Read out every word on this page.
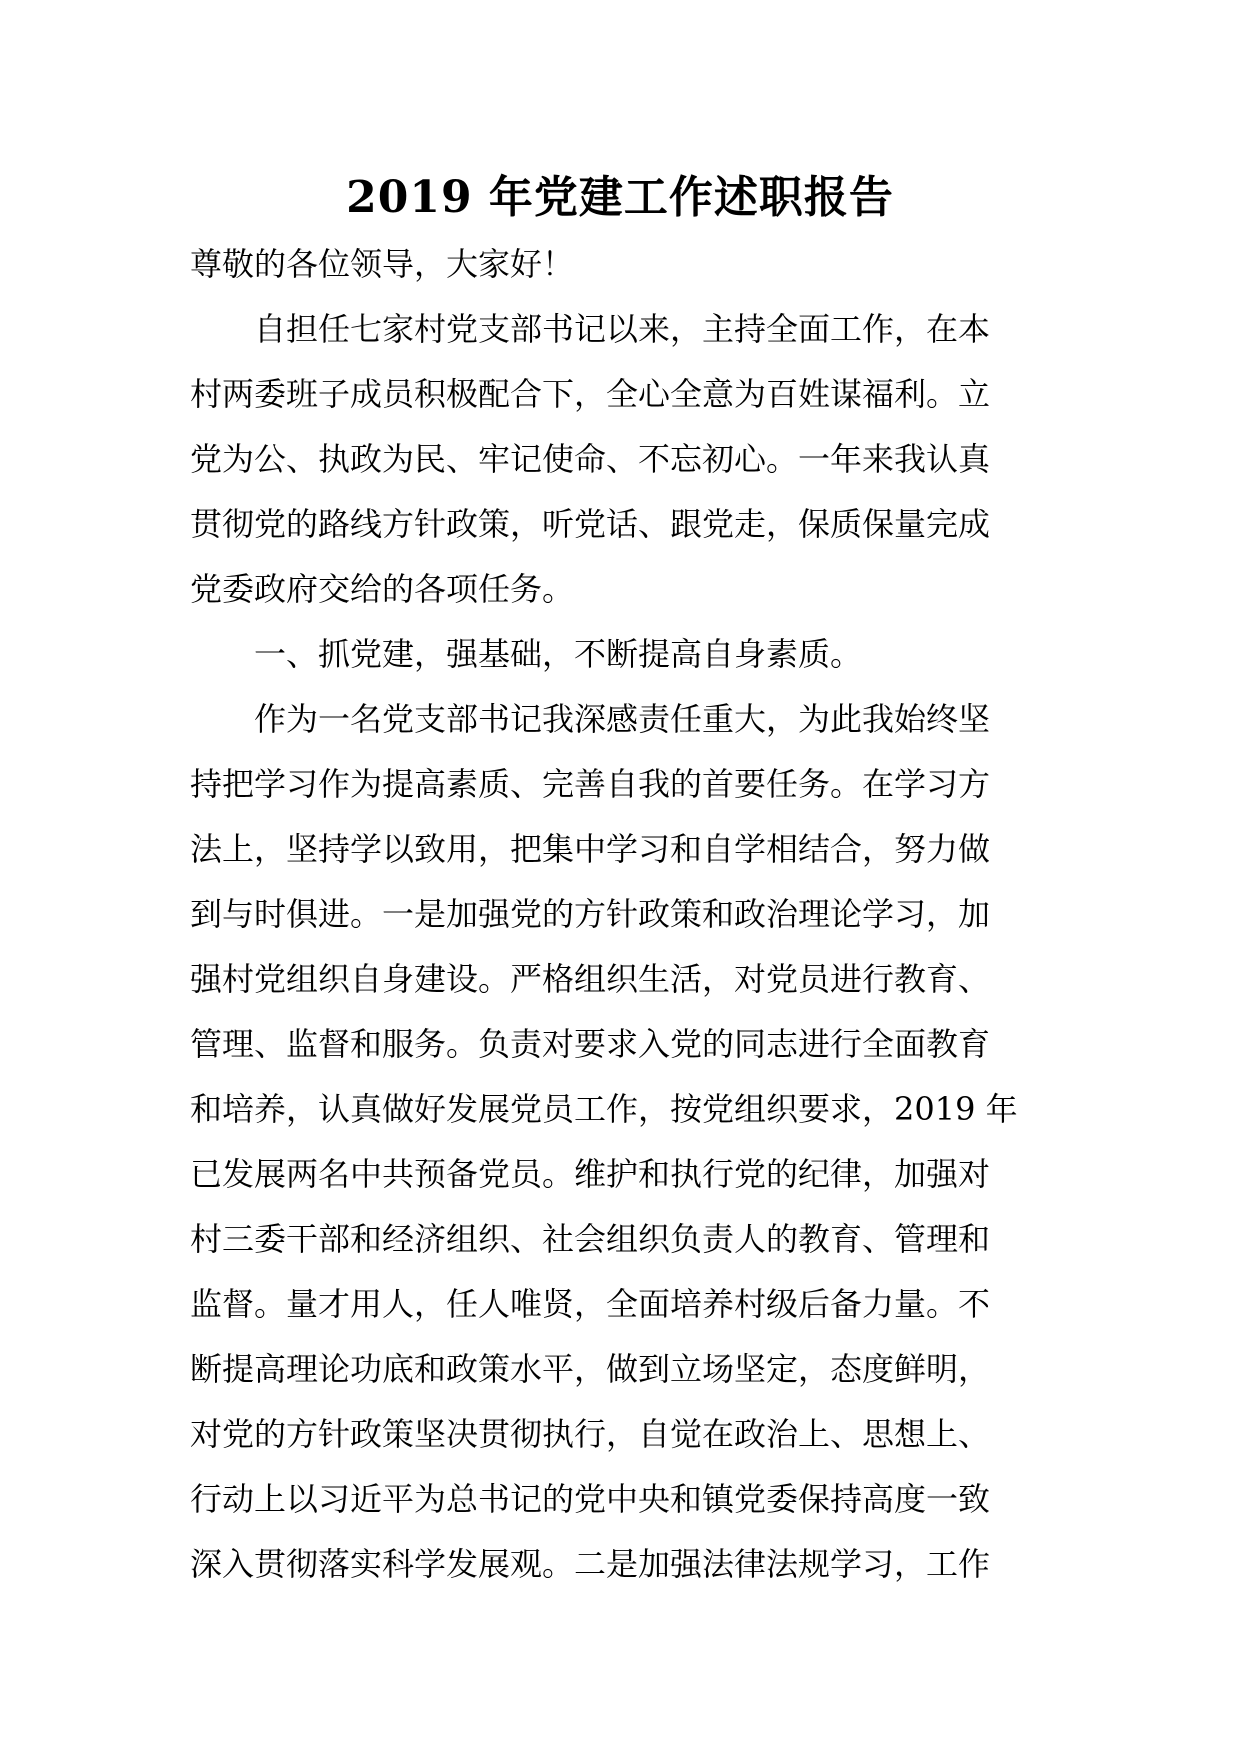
2019 年党建工作述职报告
尊敬的各位领导，大家好！
自担任七家村党支部书记以来，主持全面工作，在本
村两委班子成员积极配合下，全心全意为百姓谋福利。立
党为公、执政为民、牢记使命、不忘初心。一年来我认真
贯彻党的路线方针政策，听党话、跟党走，保质保量完成
党委政府交给的各项任务。
一、抓党建，强基础，不断提高自身素质。
作为一名党支部书记我深感责任重大，为此我始终坚
持把学习作为提高素质、完善自我的首要任务。在学习方
法上，坚持学以致用，把集中学习和自学相结合，努力做
到与时俱进。一是加强党的方针政策和政治理论学习，加
强村党组织自身建设。严格组织生活，对党员进行教育、
管理、监督和服务。负责对要求入党的同志进行全面教育
和培养，认真做好发展党员工作，按党组织要求，2019 年
已发展两名中共预备党员。维护和执行党的纪律，加强对
村三委干部和经济组织、社会组织负责人的教育、管理和
监督。量才用人，任人唯贤，全面培养村级后备力量。不
断提高理论功底和政策水平，做到立场坚定，态度鲜明，
对党的方针政策坚决贯彻执行，自觉在政治上、思想上、
行动上以习近平为总书记的党中央和镇党委保持高度一致
深入贯彻落实科学发展观。二是加强法律法规学习，工作
